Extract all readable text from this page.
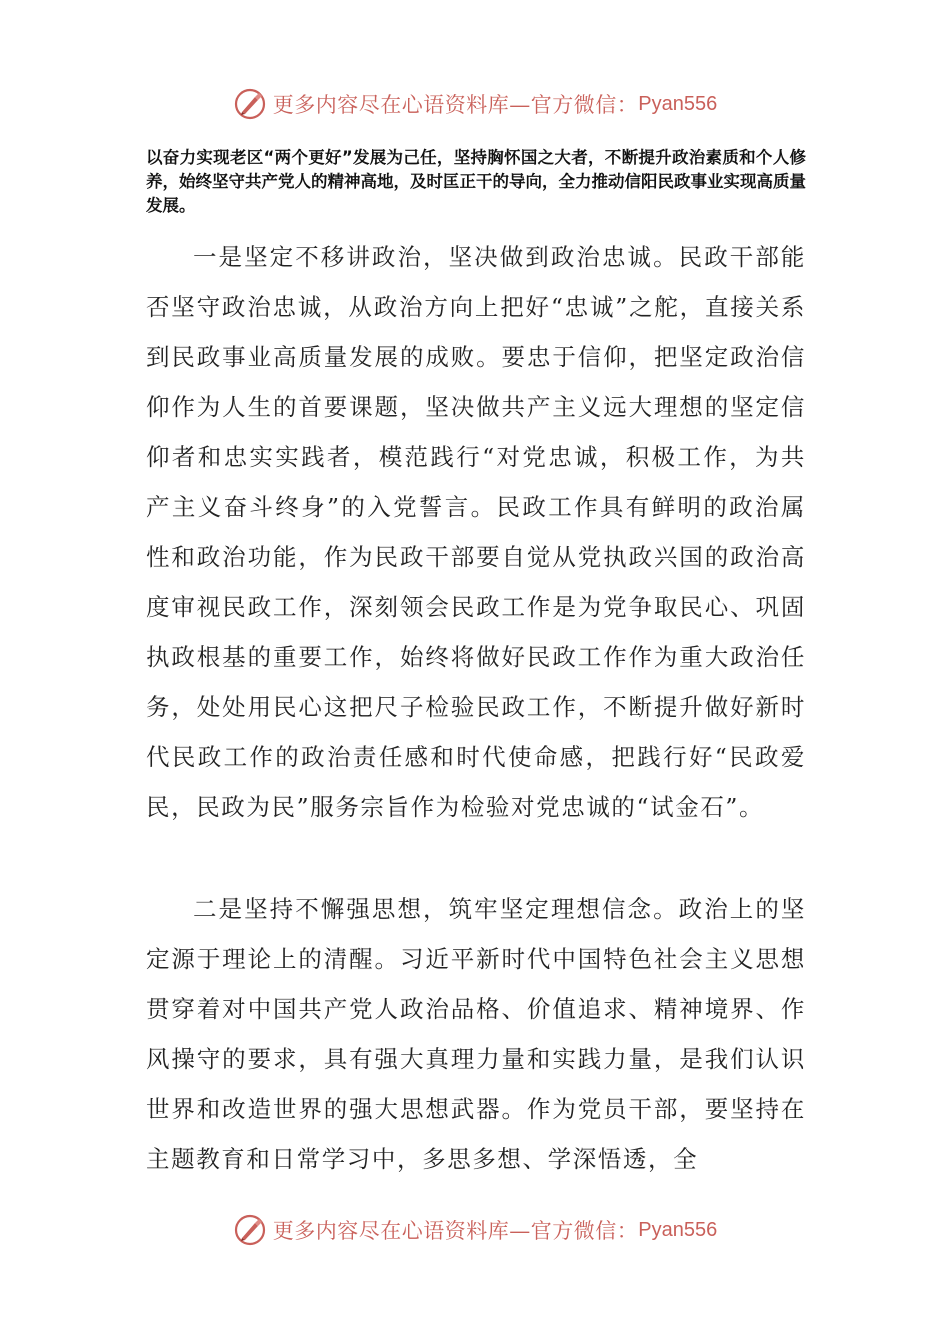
更多内容尽在心语资料库—官方微信： Pyan556
以奋力实现老区“两个更好”发展为己任，坚持胸怀国之大者，不断提升政治素质和个人修养，始终坚守共产党人的精神高地，及时匡正干的导向，全力推动信阳民政事业实现高质量发展。
一是坚定不移讲政治，坚决做到政治忠诚。民政干部能否坚守政治忠诚，从政治方向上把好“忠诚”之舵，直接关系到民政事业高质量发展的成败。要忠于信仰，把坚定政治信仰作为人生的首要课题，坚决做共产主义远大理想的坚定信仰者和忠实实践者，模范践行“对党忠诚，积极工作，为共产主义奋斗终身”的入党誓言。民政工作具有鲜明的政治属性和政治功能，作为民政干部要自觉从党执政兴国的政治高度审视民政工作，深刻领会民政工作是为党争取民心、巩固执政根基的重要工作，始终将做好民政工作作为重大政治任务，处处用民心这把尺子检验民政工作，不断提升做好新时代民政工作的政治责任感和时代使命感，把践行好“民政爱民，民政为民”服务宗旨作为检验对党忠诚的“试金石”。
二是坚持不懈强思想，筑牢坚定理想信念。政治上的坚定源于理论上的清醒。习近平新时代中国特色社会主义思想贯穿着对中国共产党人政治品格、价值追求、精神境界、作风操守的要求，具有强大真理力量和实践力量，是我们认识世界和改造世界的强大思想武器。作为党员干部，要坚持在主题教育和日常学习中，多思多想、学深悟透，全
更多内容尽在心语资料库—官方微信： Pyan556
